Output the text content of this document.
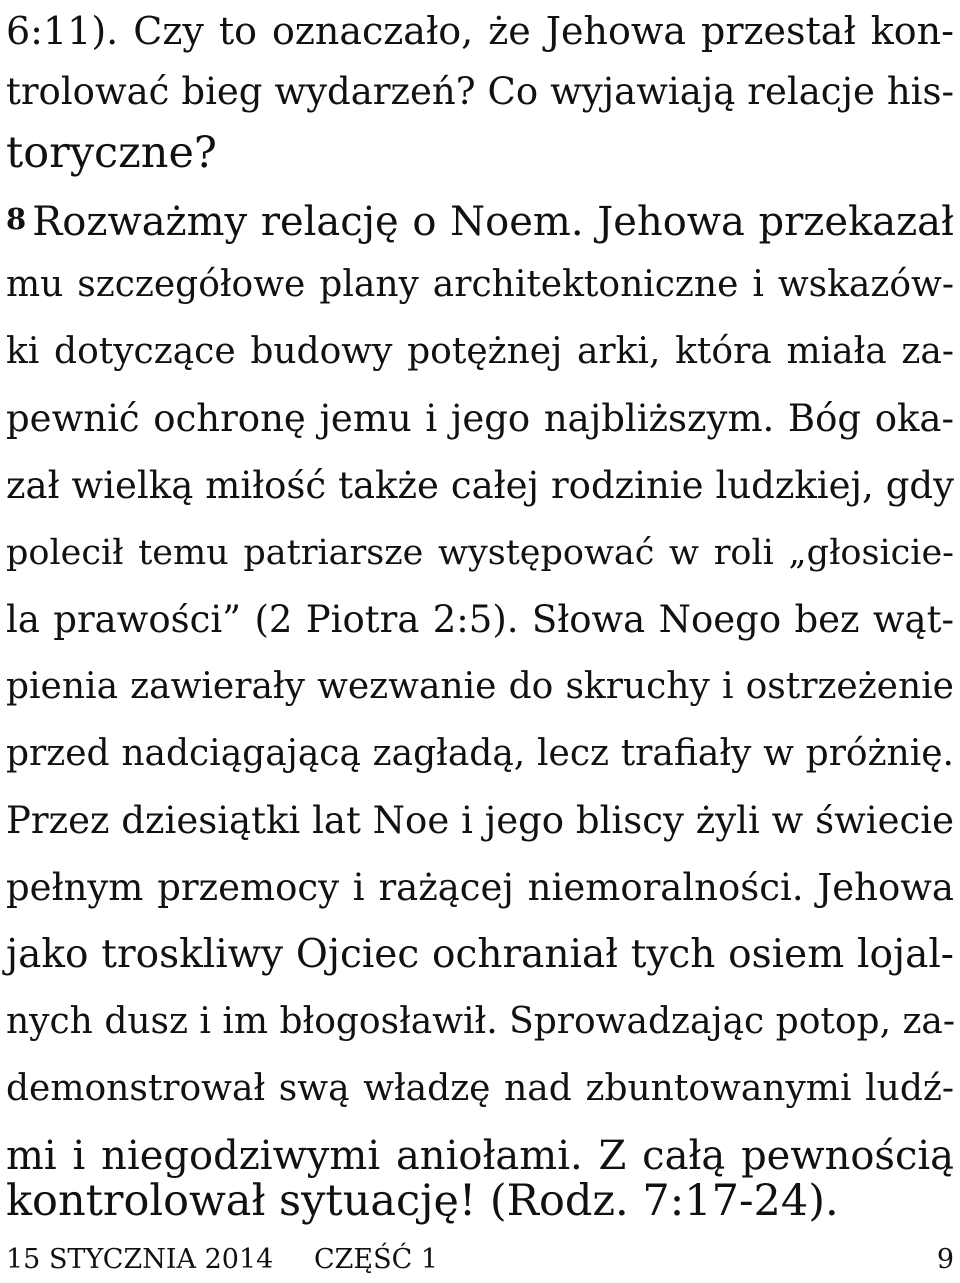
6:11). Czy to oznaczało, że Jehowa przestał kon-
trolować bieg wydarzeń? Co wyjawiają relacje his-
toryczne?
8 Rozważmy relację o Noem. Jehowa przekazał
mu szczegółowe plany architektoniczne i wskazów-
ki dotyczące budowy potężnej arki, która miała za-
pewnić ochronę jemu i jego najbliższym. Bóg oka-
zał wielką miłość także całej rodzinie ludzkiej, gdy
polecił temu patriarsze występować w roli „głosicie-
la prawości” (2 Piotra 2:5). Słowa Noego bez wąt-
pienia zawierały wezwanie do skruchy i ostrzeżenie
przed nadciągającą zagładą, lecz trafiały w próżnię.
Przez dziesiątki lat Noe i jego bliscy żyli w świecie
pełnym przemocy i rażącej niemoralności. Jehowa
jako troskliwy Ojciec ochraniał tych osiem lojal-
nych dusz i im błogosławił. Sprowadzając potop, za-
demonstrował swą władzę nad zbuntowanymi ludź-
mi i niegodziwymi aniołami. Z całą pewnością
kontrolował sytuację! (Rodz. 7:17-24).
15 STYCZNIA 2014 CZĘŚĆ 1	9
